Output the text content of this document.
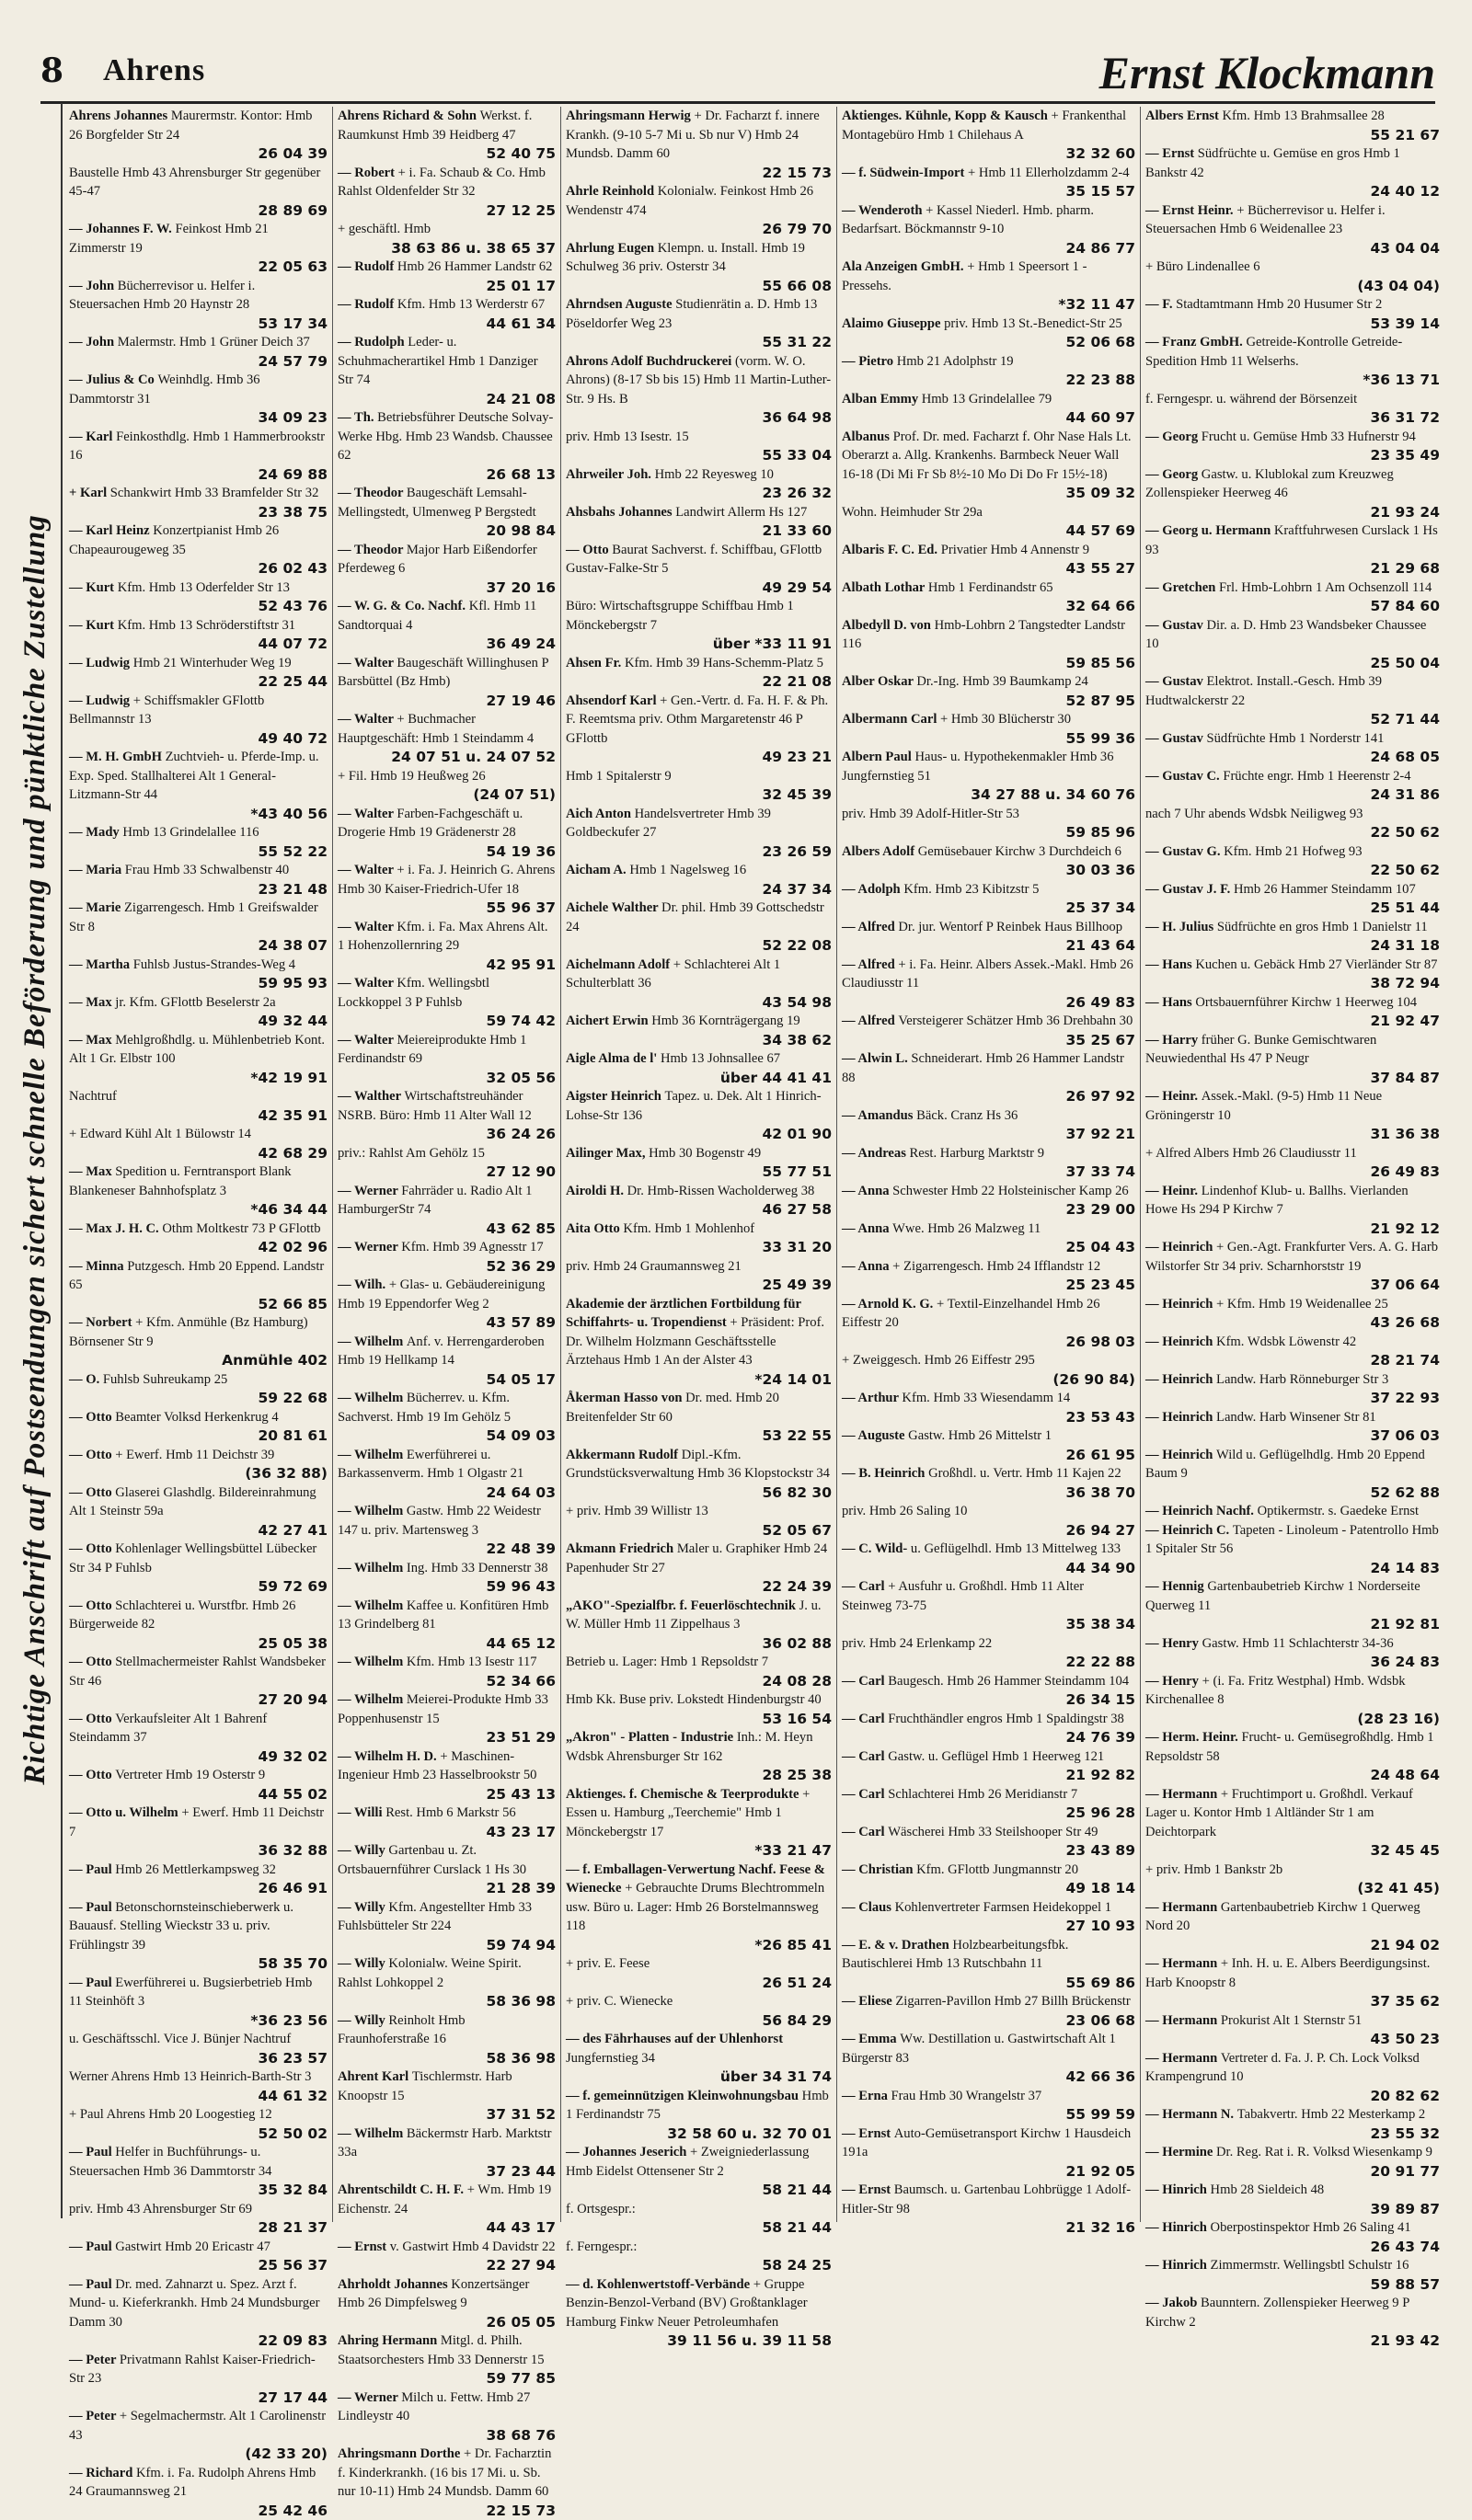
8 Ahrens	Ernst Klockmann
Richtige Anschrift auf Postsendungen sichert schnelle Beförderung und pünktliche Zustellung
Ahrens Johannes Maurermstr. Kontor: Hmb 26 Borgfelder Str 24
26 04 39
Baustelle Hmb 43 Ahrensburger Str gegenüber 45-47
28 89 69
— Johannes F. W. Feinkost Hmb 21 Zimmerstr 19
22 05 63
— John Bücherrevisor u. Helfer i. Steuersachen Hmb 20 Haynstr 28
53 17 34
— John Malermstr. Hmb 1 Grüner Deich 37
24 57 79
— Julius & Co Weinhdlg. Hmb 36 Dammtorstr 31
34 09 23
— Karl Feinkosthdlg. Hmb 1 Hammerbrookstr 16
24 69 88
+ Karl Schankwirt Hmb 33 Bramfelder Str 32
23 38 75
— Karl Heinz Konzertpianist Hmb 26 Chapeaurougeweg 35
26 02 43
— Kurt Kfm. Hmb 13 Oderfelder Str 13
52 43 76
— Kurt Kfm. Hmb 13 Schröderstiftstr 31
44 07 72
— Ludwig Hmb 21 Winterhuder Weg 19
22 25 44
— Ludwig + Schiffsmakler GFlottb Bellmannstr 13
49 40 72
— M. H. GmbH Zuchtvieh- u. Pferde-Imp. u. Exp. Sped. Stallhalterei Alt 1 General-Litzmann-Str 44
*43 40 56
— Mady Hmb 13 Grindelallee 116
55 52 22
— Maria Frau Hmb 33 Schwalbenstr 40
23 21 48
— Marie Zigarrengesch. Hmb 1 Greifswalder Str 8
24 38 07
— Martha Fuhlsb Justus-Strandes-Weg 4
59 95 93
— Max jr. Kfm. GFlottb Beselerstr 2a
49 32 44
— Max Mehlgroßhdlg. u. Mühlenbetrieb Kont. Alt 1 Gr. Elbstr 100
*42 19 91
Nachtruf
42 35 91
+ Edward Kühl Alt 1 Bülowstr 14
42 68 29
— Max Spedition u. Ferntransport Blank Blankeneser Bahnhofsplatz 3
*46 34 44
— Max J. H. C. Othm Moltkestr 73 P GFlottb
42 02 96
— Minna Putzgesch. Hmb 20 Eppend. Landstr 65
52 66 85
— Norbert + Kfm. Anmühle (Bz Hamburg) Börnsener Str 9
Anmühle 402
— O. Fuhlsb Suhreukamp 25
59 22 68
— Otto Beamter Volksd Herkenkrug 4
20 81 61
— Otto + Ewerf. Hmb 11 Deichstr 39
(36 32 88)
— Otto Glaserei Glashdlg. Bildereinrahmung Alt 1 Steinstr 59a
42 27 41
— Otto Kohlenlager Wellingsbüttel Lübecker Str 34 P Fuhlsb
59 72 69
— Otto Schlachterei u. Wurstfbr. Hmb 26 Bürgerweide 82
25 05 38
— Otto Stellmachermeister Rahlst Wandsbeker Str 46
27 20 94
— Otto Verkaufsleiter Alt 1 Bahrenf Steindamm 37
49 32 02
— Otto Vertreter Hmb 19 Osterstr 9
44 55 02
— Otto u. Wilhelm + Ewerf. Hmb 11 Deichstr 7
36 32 88
— Paul Hmb 26 Mettlerkampsweg 32
26 46 91
— Paul Betonschornsteinschieberwerk u. Bauausf. Stelling Wieckstr 33 u. priv. Frühlingstr 39
58 35 70
— Paul Ewerführerei u. Bugsierbetrieb Hmb 11 Steinhöft 3
*36 23 56
u. Geschäftsschl. Vice J. Bünjer Nachtruf
36 23 57
Werner Ahrens Hmb 13 Heinrich-Barth-Str 3
44 61 32
+ Paul Ahrens Hmb 20 Loogestieg 12
52 50 02
— Paul Helfer in Buchführungs- u. Steuersachen Hmb 36 Dammtorstr 34
35 32 84
priv. Hmb 43 Ahrensburger Str 69
28 21 37
— Paul Gastwirt Hmb 20 Ericastr 47
25 56 37
— Paul Dr. med. Zahnarzt u. Spez. Arzt f. Mund- u. Kieferkrankh. Hmb 24 Mundsburger Damm 30
22 09 83
— Peter Privatmann Rahlst Kaiser-Friedrich-Str 23
27 17 44
— Peter + Segelmachermstr. Alt 1 Carolinenstr 43
(42 33 20)
— Richard Kfm. i. Fa. Rudolph Ahrens Hmb 24 Graumannsweg 21
25 42 46
Ahrens Richard & Sohn Werkst. f. Raumkunst Hmb 39 Heidberg 47
52 40 75
— Robert + i. Fa. Schaub & Co. Hmb Rahlst Oldenfelder Str 32
27 12 25
+ geschäftl. Hmb
38 63 86 u. 38 65 37
— Rudolf Hmb 26 Hammer Landstr 62
25 01 17
— Rudolf Kfm. Hmb 13 Werderstr 67
44 61 34
— Rudolph Leder- u. Schuhmacherartikel Hmb 1 Danziger Str 74
24 21 08
— Th. Betriebsführer Deutsche Solvay-Werke Hbg. Hmb 23 Wandsb. Chaussee 62
26 68 13
— Theodor Baugeschäft Lemsahl-Mellingstedt, Ulmenweg P Bergstedt
20 98 84
— Theodor Major Harb Eißendorfer Pferdeweg 6
37 20 16
— W. G. & Co. Nachf. Kfl. Hmb 11 Sandtorquai 4
36 49 24
— Walter Baugeschäft Willinghusen P Barsbüttel (Bz Hmb)
27 19 46
— Walter + Buchmacher Hauptgeschäft: Hmb 1 Steindamm 4
24 07 51 u. 24 07 52
+ Fil. Hmb 19 Heußweg 26
(24 07 51)
— Walter Farben-Fachgeschäft u. Drogerie Hmb 19 Grädenerstr 28
54 19 36
— Walter + i. Fa. J. Heinrich G. Ahrens Hmb 30 Kaiser-Friedrich-Ufer 18
55 96 37
— Walter Kfm. i. Fa. Max Ahrens Alt. 1 Hohenzollernring 29
42 95 91
— Walter Kfm. Wellingsbtl Lockkoppel 3 P Fuhlsb
59 74 42
— Walter Meiereiprodukte Hmb 1 Ferdinandstr 69
32 05 56
— Walther Wirtschaftstreuhänder NSRB. Büro: Hmb 11 Alter Wall 12
36 24 26
priv.: Rahlst Am Gehölz 15
27 12 90
— Werner Fahrräder u. Radio Alt 1 HamburgerStr 74
43 62 85
— Werner Kfm. Hmb 39 Agnesstr 17
52 36 29
— Wilh. + Glas- u. Gebäudereinigung Hmb 19 Eppendorfer Weg 2
43 57 89
— Wilhelm Anf. v. Herrengarderoben Hmb 19 Hellkamp 14
54 05 17
— Wilhelm Bücherrev. u. Kfm. Sachverst. Hmb 19 Im Gehölz 5
54 09 03
— Wilhelm Ewerführerei u. Barkassenverm. Hmb 1 Olgastr 21
24 64 03
— Wilhelm Gastw. Hmb 22 Weidestr 147 u. priv. Martensweg 3
22 48 39
— Wilhelm Ing. Hmb 33 Dennerstr 38
59 96 43
— Wilhelm Kaffee u. Konfitüren Hmb 13 Grindelberg 81
44 65 12
— Wilhelm Kfm. Hmb 13 Isestr 117
52 34 66
— Wilhelm Meierei-Produkte Hmb 33 Poppenhusenstr 15
23 51 29
— Wilhelm H. D. + Maschinen-Ingenieur Hmb 23 Hasselbrookstr 50
25 43 13
— Willi Rest. Hmb 6 Markstr 56
43 23 17
— Willy Gartenbau u. Zt. Ortsbauernführer Curslack 1 Hs 30
21 28 39
— Willy Kfm. Angestellter Hmb 33 Fuhlsbütteler Str 224
59 74 94
— Willy Kolonialw. Weine Spirit. Rahlst Lohkoppel 2
58 36 98
— Willy Reinholt Hmb Fraunhoferstraße 16
58 36 98
Ahrent Karl Tischlermstr. Harb Knoopstr 15
37 31 52
— Wilhelm Bäckermstr Harb. Marktstr 33a
37 23 44
Ahrentschildt C. H. F. + Wm. Hmb 19 Eichenstr. 24
44 43 17
— Ernst v. Gastwirt Hmb 4 Davidstr 22
22 27 94
Ahrholdt Johannes Konzertsänger Hmb 26 Dimpfelsweg 9
26 05 05
Ahring Hermann Mitgl. d. Philh. Staatsorchesters Hmb 33 Dennerstr 15
59 77 85
— Werner Milch u. Fettw. Hmb 27 Lindleystr 40
38 68 76
Ahringsmann Dorthe + Dr. Facharztin f. Kinderkrankh. (16 bis 17 Mi. u. Sb. nur 10-11) Hmb 24 Mundsb. Damm 60
22 15 73
Ahringsmann Herwig + Dr. Facharzt f. innere Krankh. (9-10 5-7 Mi u. Sb nur V) Hmb 24 Mundsb. Damm 60
22 15 73
Ahrle Reinhold Kolonialw. Feinkost Hmb 26 Wendenstr 474
26 79 70
Ahrlung Eugen Klempn. u. Install. Hmb 19 Schulweg 36 priv. Osterstr 34
55 66 08
Ahrndsen Auguste Studienrätin a. D. Hmb 13 Pöseldorfer Weg 23
55 31 22
Ahrons Adolf Buchdruckerei (vorm. W. O. Ahrons) (8-17 Sb bis 15) Hmb 11 Martin-Luther-Str. 9 Hs. B
36 64 98
priv. Hmb 13 Isestr. 15
55 33 04
Ahrweiler Joh. Hmb 22 Reyesweg 10
23 26 32
Ahsbahs Johannes Landwirt Allerm Hs 127
21 33 60
— Otto Baurat Sachverst. f. Schiffbau, GFlottb Gustav-Falke-Str 5
49 29 54
Büro: Wirtschaftsgruppe Schiffbau Hmb 1 Mönckebergstr 7
über *33 11 91
Ahsen Fr. Kfm. Hmb 39 Hans-Schemm-Platz 5
22 21 08
Ahsendorf Karl + Gen.-Vertr. d. Fa. H. F. & Ph. F. Reemtsma priv. Othm Margaretenstr 46 P GFlottb
49 23 21
Hmb 1 Spitalerstr 9
32 45 39
Aich Anton Handelsvertreter Hmb 39 Goldbeckufer 27
23 26 59
Aicham A. Hmb 1 Nagelsweg 16
24 37 34
Aichele Walther Dr. phil. Hmb 39 Gottschedstr 24
52 22 08
Aichelmann Adolf + Schlachterei Alt 1 Schulterblatt 36
43 54 98
Aichert Erwin Hmb 36 Kornträgergang 19
34 38 62
Aigle Alma de l' Hmb 13 Johnsallee 67
über 44 41 41
Aigster Heinrich Tapez. u. Dek. Alt 1 Hinrich-Lohse-Str 136
42 01 90
Ailinger Max, Hmb 30 Bogenstr 49
55 77 51
Airoldi H. Dr. Hmb-Rissen Wacholderweg 38
46 27 58
Aita Otto Kfm. Hmb 1 Mohlenhof
33 31 20
priv. Hmb 24 Graumannsweg 21
25 49 39
Akademie der ärztlichen Fortbildung für Schiffahrts- u. Tropendienst + Präsident: Prof. Dr. Wilhelm Holzmann Geschäftsstelle Ärztehaus Hmb 1 An der Alster 43
*24 14 01
Åkerman Hasso von Dr. med. Hmb 20 Breitenfelder Str 60
53 22 55
Akkermann Rudolf Dipl.-Kfm. Grundstücksverwaltung Hmb 36 Klopstockstr 34
56 82 30
+ priv. Hmb 39 Willistr 13
52 05 67
Akmann Friedrich Maler u. Graphiker Hmb 24 Papenhuder Str 27
22 24 39
„AKO"-Spezialfbr. f. Feuerlöschtechnik J. u. W. Müller Hmb 11 Zippelhaus 3
36 02 88
Betrieb u. Lager: Hmb 1 Repsoldstr 7
24 08 28
Hmb Kk. Buse priv. Lokstedt Hindenburgstr 40
53 16 54
„Akron" - Platten - Industrie Inh.: M. Heyn Wdsbk Ahrensburger Str 162
28 25 38
Aktienges. f. Chemische & Teerprodukte + Essen u. Hamburg „Teerchemie" Hmb 1 Mönckebergstr 17
*33 21 47
— f. Emballagen-Verwertung Nachf. Feese & Wienecke + Gebrauchte Drums Blechtrommeln usw. Büro u. Lager: Hmb 26 Borstelmannsweg 118
*26 85 41
+ priv. E. Feese
26 51 24
+ priv. C. Wienecke
56 84 29
— des Fährhauses auf der Uhlenhorst Jungfernstieg 34
über 34 31 74
— f. gemeinnützigen Kleinwohnungsbau Hmb 1 Ferdinandstr 75
32 58 60 u. 32 70 01
— Johannes Jeserich + Zweigniederlassung Hmb Eidelst Ottensener Str 2
58 21 44
f. Ortsgespr.:
58 21 44
f. Ferngespr.:
58 24 25
— d. Kohlenwertstoff-Verbände + Gruppe Benzin-Benzol-Verband (BV) Großtanklager Hamburg Finkw Neuer Petroleumhafen
39 11 56 u. 39 11 58
Aktienges. Kühnle, Kopp & Kausch + Frankenthal Montagebüro Hmb 1 Chilehaus A
32 32 60
— f. Südwein-Import + Hmb 11 Ellerholzdamm 2-4
35 15 57
— Wenderoth + Kassel Niederl. Hmb. pharm. Bedarfsart. Böckmannstr 9-10
24 86 77
Ala Anzeigen GmbH. + Hmb 1 Speersort 1 - Pressehs.
*32 11 47
Alaimo Giuseppe priv. Hmb 13 St.-Benedict-Str 25
52 06 68
— Pietro Hmb 21 Adolphstr 19
22 23 88
Alban Emmy Hmb 13 Grindelallee 79
44 60 97
Albanus Prof. Dr. med. Facharzt f. Ohr Nase Hals Lt. Oberarzt a. Allg. Krankenhs. Barmbeck Neuer Wall 16-18 (Di Mi Fr Sb 8½-10 Mo Di Do Fr 15½-18)
35 09 32
Wohn. Heimhuder Str 29a
44 57 69
Albaris F. C. Ed. Privatier Hmb 4 Annenstr 9
43 55 27
Albath Lothar Hmb 1 Ferdinandstr 65
32 64 66
Albedyll D. von Hmb-Lohbrn 2 Tangstedter Landstr 116
59 85 56
Alber Oskar Dr.-Ing. Hmb 39 Baumkamp 24
52 87 95
Albermann Carl + Hmb 30 Blücherstr 30
55 99 36
Albern Paul Haus- u. Hypothekenmakler Hmb 36 Jungfernstieg 51
34 27 88 u. 34 60 76
priv. Hmb 39 Adolf-Hitler-Str 53
59 85 96
Albers Adolf Gemüsebauer Kirchw 3 Durchdeich 6
30 03 36
— Adolph Kfm. Hmb 23 Kibitzstr 5
25 37 34
— Alfred Dr. jur. Wentorf P Reinbek Haus Billhoop
21 43 64
— Alfred + i. Fa. Heinr. Albers Assek.-Makl. Hmb 26 Claudiusstr 11
26 49 83
— Alfred Versteigerer Schätzer Hmb 36 Drehbahn 30
35 25 67
— Alwin L. Schneiderart. Hmb 26 Hammer Landstr 88
26 97 92
— Amandus Bäck. Cranz Hs 36
37 92 21
— Andreas Rest. Harburg Marktstr 9
37 33 74
— Anna Schwester Hmb 22 Holsteinischer Kamp 26
23 29 00
— Anna Wwe. Hmb 26 Malzweg 11
25 04 43
— Anna + Zigarrengesch. Hmb 24 Ifflandstr 12
25 23 45
— Arnold K. G. + Textil-Einzelhandel Hmb 26 Eiffestr 20
26 98 03
+ Zweiggesch. Hmb 26 Eiffestr 295
(26 90 84)
— Arthur Kfm. Hmb 33 Wiesendamm 14
23 53 43
— Auguste Gastw. Hmb 26 Mittelstr 1
26 61 95
— B. Heinrich Großhdl. u. Vertr. Hmb 11 Kajen 22
36 38 70
priv. Hmb 26 Saling 10
26 94 27
— C. Wild- u. Geflügelhdl. Hmb 13 Mittelweg 133
44 34 90
— Carl + Ausfuhr u. Großhdl. Hmb 11 Alter Steinweg 73-75
35 38 34
priv. Hmb 24 Erlenkamp 22
22 22 88
— Carl Baugesch. Hmb 26 Hammer Steindamm 104
26 34 15
— Carl Fruchthändler engros Hmb 1 Spaldingstr 38
24 76 39
— Carl Gastw. u. Geflügel Hmb 1 Heerweg 121
21 92 82
— Carl Schlachterei Hmb 26 Meridianstr 7
25 96 28
— Carl Wäscherei Hmb 33 Steilshooper Str 49
23 43 89
— Christian Kfm. GFlottb Jungmannstr 20
49 18 14
— Claus Kohlenvertreter Farmsen Heidekoppel 1
27 10 93
— E. & v. Drathen Holzbearbeitungsfbk. Bautischlerei Hmb 13 Rutschbahn 11
55 69 86
— Eliese Zigarren-Pavillon Hmb 27 Billh Brückenstr
23 06 68
— Emma Ww. Destillation u. Gastwirtschaft Alt 1 Bürgerstr 83
42 66 36
— Erna Frau Hmb 30 Wrangelstr 37
55 99 59
— Ernst Auto-Gemüsetransport Kirchw 1 Hausdeich 191a
21 92 05
— Ernst Baumsch. u. Gartenbau Lohbrügge 1 Adolf-Hitler-Str 98
21 32 16
Albers Ernst Kfm. Hmb 13 Brahmsallee 28
55 21 67
— Ernst Südfrüchte u. Gemüse en gros Hmb 1 Bankstr 42
24 40 12
— Ernst Heinr. + Bücherrevisor u. Helfer i. Steuersachen Hmb 6 Weidenallee 23
43 04 04
+ Büro Lindenallee 6
(43 04 04)
— F. Stadtamtmann Hmb 20 Husumer Str 2
53 39 14
— Franz GmbH. Getreide-Kontrolle Getreide-Spedition Hmb 11 Welserhs.
*36 13 71
f. Ferngespr. u. während der Börsenzeit
36 31 72
— Georg Frucht u. Gemüse Hmb 33 Hufnerstr 94
23 35 49
— Georg Gastw. u. Klublokal zum Kreuzweg Zollenspieker Heerweg 46
21 93 24
— Georg u. Hermann Kraftfuhrwesen Curslack 1 Hs 93
21 29 68
— Gretchen Frl. Hmb-Lohbrn 1 Am Ochsenzoll 114
57 84 60
— Gustav Dir. a. D. Hmb 23 Wandsbeker Chaussee 10
25 50 04
— Gustav Elektrot. Install.-Gesch. Hmb 39 Hudtwalckerstr 22
52 71 44
— Gustav Südfrüchte Hmb 1 Norderstr 141
24 68 05
— Gustav C. Früchte engr. Hmb 1 Heerenstr 2-4
24 31 86
nach 7 Uhr abends Wdsbk Neiligweg 93
22 50 62
— Gustav G. Kfm. Hmb 21 Hofweg 93
22 50 62
— Gustav J. F. Hmb 26 Hammer Steindamm 107
25 51 44
— H. Julius Südfrüchte en gros Hmb 1 Danielstr 11
24 31 18
— Hans Kuchen u. Gebäck Hmb 27 Vierländer Str 87
38 72 94
— Hans Ortsbauernführer Kirchw 1 Heerweg 104
21 92 47
— Harry früher G. Bunke Gemischtwaren Neuwiedenthal Hs 47 P Neugr
37 84 87
— Heinr. Assek.-Makl. (9-5) Hmb 11 Neue Gröningerstr 10
31 36 38
+ Alfred Albers Hmb 26 Claudiusstr 11
26 49 83
— Heinr. Lindenhof Klub- u. Ballhs. Vierlanden Howe Hs 294 P Kirchw 7
21 92 12
— Heinrich + Gen.-Agt. Frankfurter Vers. A. G. Harb Wilstorfer Str 34 priv. Scharnhorststr 19
37 06 64
— Heinrich + Kfm. Hmb 19 Weidenallee 25
43 26 68
— Heinrich Kfm. Wdsbk Löwenstr 42
28 21 74
— Heinrich Landw. Harb Rönneburger Str 3
37 22 93
— Heinrich Landw. Harb Winsener Str 81
37 06 03
— Heinrich Wild u. Geflügelhdlg. Hmb 20 Eppend Baum 9
52 62 88
— Heinrich Nachf. Optikermstr. s. Gaedeke Ernst
— Heinrich C. Tapeten - Linoleum - Patentrollo Hmb 1 Spitaler Str 56
24 14 83
— Hennig Gartenbaubetrieb Kirchw 1 Norderseite Querweg 11
21 92 81
— Henry Gastw. Hmb 11 Schlachterstr 34-36
36 24 83
— Henry + (i. Fa. Fritz Westphal) Hmb. Wdsbk Kirchenallee 8
(28 23 16)
— Herm. Heinr. Frucht- u. Gemüsegroßhdlg. Hmb 1 Repsoldstr 58
24 48 64
— Hermann + Fruchtimport u. Großhdl. Verkauf Lager u. Kontor Hmb 1 Altländer Str 1 am Deichtorpark
32 45 45
+ priv. Hmb 1 Bankstr 2b
(32 41 45)
— Hermann Gartenbaubetrieb Kirchw 1 Querweg Nord 20
21 94 02
— Hermann + Inh. H. u. E. Albers Beerdigungsinst. Harb Knoopstr 8
37 35 62
— Hermann Prokurist Alt 1 Sternstr 51
43 50 23
— Hermann Vertreter d. Fa. J. P. Ch. Lock Volksd Krampengrund 10
20 82 62
— Hermann N. Tabakvertr. Hmb 22 Mesterkamp 2
23 55 32
— Hermine Dr. Reg. Rat i. R. Volksd Wiesenkamp 9
20 91 77
— Hinrich Hmb 28 Sieldeich 48
39 89 87
— Hinrich Oberpostinspektor Hmb 26 Saling 41
26 43 74
— Hinrich Zimmermstr. Wellingsbtl Schulstr 16
59 88 57
— Jakob Baunntern. Zollenspieker Heerweg 9 P Kirchw 2
21 93 42
